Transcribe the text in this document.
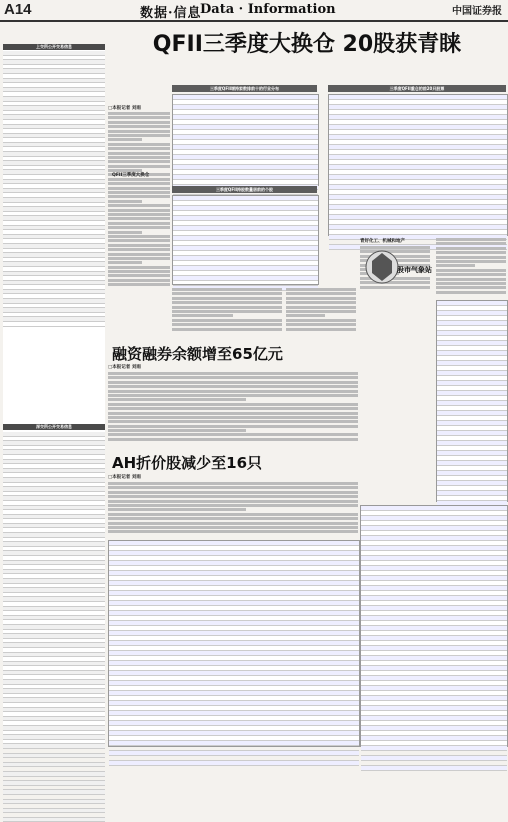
A14	数据·信息
Data · Information	中国证券报
上交所公开交易信息
深交所公开交易信息
QFII三季度大换仓 20股获青睐
□本报记者 刘雨
QFII三季度大换仓
三季度QFII增持家数排前十的行业分布
三季度QFII持股数量居前的个股
三季度QFII重仓的前20只股票
青好化工、机械和地产
融资融券余额增至65亿元
□本报记者 刘雨
AH折价股减少至16只
□本报记者 刘雨
股市气象站
